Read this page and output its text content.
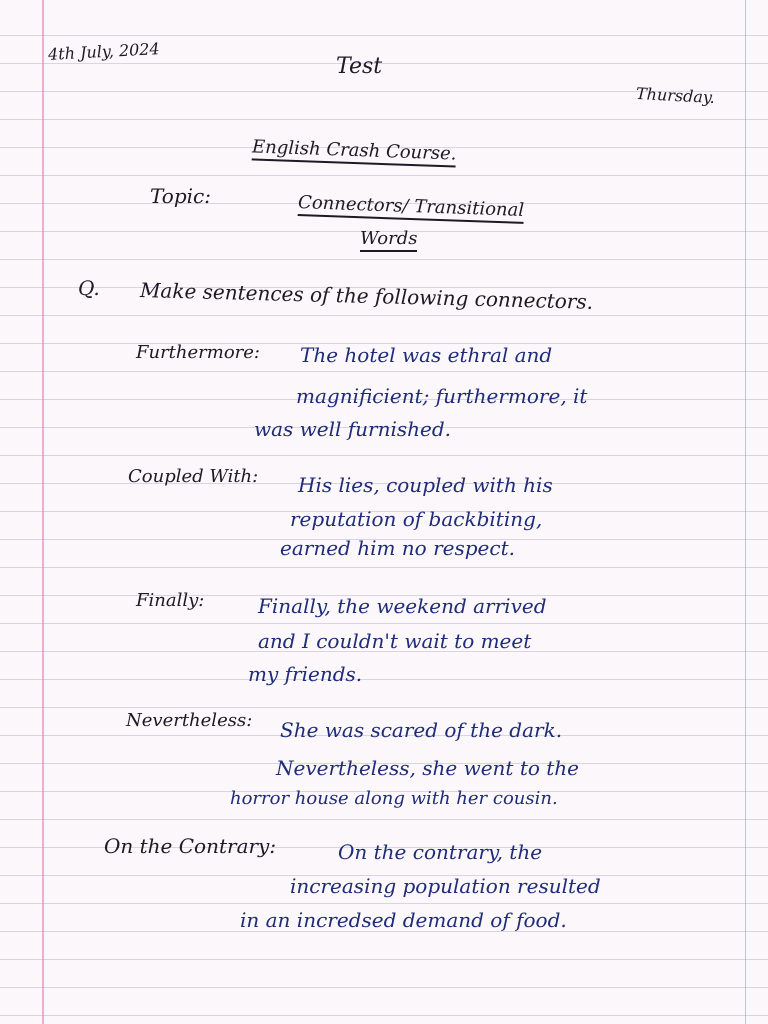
4th July, 2024
Test
Thursday.
English Crash Course.
Topic:	Connectors/ Transitional
Words
Q. Make sentences of the following connectors.
Furthermore: The hotel was ethral and
magnificient; furthermore, it
was well furnished.
Coupled With: His lies, coupled with his
reputation of backbiting,
earned him no respect.
Finally:	Finally, the weekend arrived
and I couldn't wait to meet
my friends.
Nevertheless: She was scared of the dark.
Nevertheless, she went to the
horror house along with her cousin.
On the Contrary:	On the contrary, the
increasing population resulted
in an incredsed demand of food.
